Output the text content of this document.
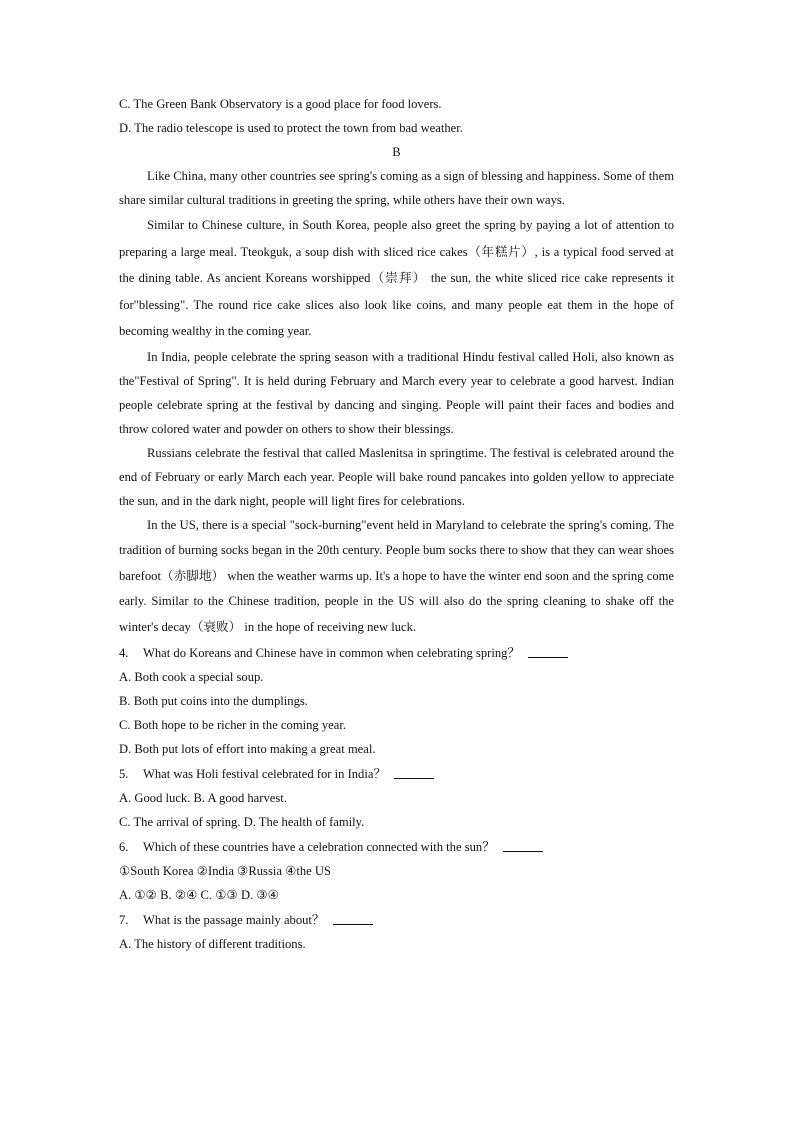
C. The Green Bank Observatory is a good place for food lovers.
D. The radio telescope is used to protect the town from bad weather.
B
Like China, many other countries see spring's coming as a sign of blessing and happiness. Some of them share similar cultural traditions in greeting the spring, while others have their own ways.
Similar to Chinese culture, in South Korea, people also greet the spring by paying a lot of attention to preparing a large meal. Tteokguk, a soup dish with sliced rice cakes（年糕片）, is a typical food served at the dining table. As ancient Koreans worshipped（崇拜） the sun, the white sliced rice cake represents it for"blessing". The round rice cake slices also look like coins, and many people eat them in the hope of becoming wealthy in the coming year.
In India, people celebrate the spring season with a traditional Hindu festival called Holi, also known as the"Festival of Spring". It is held during February and March every year to celebrate a good harvest. Indian people celebrate spring at the festival by dancing and singing. People will paint their faces and bodies and throw colored water and powder on others to show their blessings.
Russians celebrate the festival that called Maslenitsa in springtime. The festival is celebrated around the end of February or early March each year. People will bake round pancakes into golden yellow to appreciate the sun, and in the dark night, people will light fires for celebrations.
In the US, there is a special "sock-burning"event held in Maryland to celebrate the spring's coming. The tradition of burning socks began in the 20th century. People bum socks there to show that they can wear shoes barefoot（赤脚地） when the weather warms up. It's a hope to have the winter end soon and the spring come early. Similar to the Chinese tradition, people in the US will also do the spring cleaning to shake off the winter's decay（衰败） in the hope of receiving new luck.
4. What do Koreans and Chinese have in common when celebrating spring？
A. Both cook a special soup.
B. Both put coins into the dumplings.
C. Both hope to be richer in the coming year.
D. Both put lots of effort into making a great meal.
5. What was Holi festival celebrated for in India？
A. Good luck. B. A good harvest.
C. The arrival of spring. D. The health of family.
6. Which of these countries have a celebration connected with the sun？
①South Korea ②India ③Russia ④the US
A. ①② B. ②④ C. ①③ D. ③④
7. What is the passage mainly about？
A. The history of different traditions.
